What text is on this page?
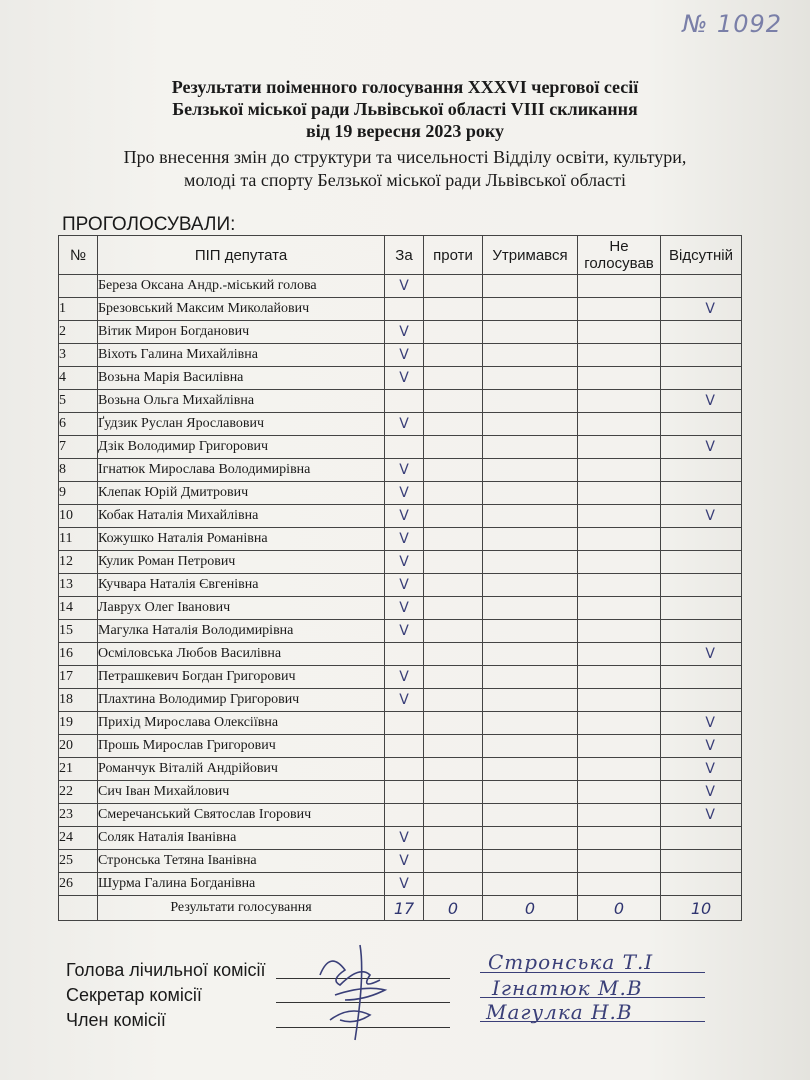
№ 1092
Результати поіменного голосування XXXVI чергової сесії
Белзької міської ради Львівської області VIII скликання
від 19 вересня 2023 року
Про внесення змін до структури та чисельності Відділу освіти, культури,
молоді та спорту Белзької міської ради Львівської області
ПРОГОЛОСУВАЛИ:
№	ПІП депутата	За	проти	Утримався	Не голосував	Відсутній
	Береза Оксана Андр.-міський голова	V				
1	Брезовський Максим Миколайович					V
2	Вітик Мирон Богданович	V				
3	Віхоть Галина Михайлівна	V				
4	Возьна Марія Василівна	V				
5	Возьна Ольга Михайлівна					V
6	Ґудзик Руслан Ярославович	V				
7	Дзік Володимир Григорович					V
8	Ігнатюк Мирослава Володимирівна	V				
9	Клепак Юрій Дмитрович	V				
10	Кобак Наталія Михайлівна	V				V
11	Кожушко Наталія Романівна	V				
12	Кулик Роман Петрович	V				
13	Кучвара Наталія Євгенівна	V				
14	Лаврух Олег Іванович	V				
15	Магулка Наталія Володимирівна	V				
16	Осміловська Любов Василівна					V
17	Петрашкевич Богдан Григорович	V				
18	Плахтина Володимир Григорович	V				
19	Прихід Мирослава Олексіївна					V
20	Прошь Мирослав Григорович					V
21	Романчук Віталій Андрійович					V
22	Сич Іван Михайлович					V
23	Смеречанський Святослав Ігорович					V
24	Соляк Наталія Іванівна	V				
25	Стронська Тетяна Іванівна	V				
26	Шурма Галина Богданівна	V				
	Результати голосування	17	0	0	0	10
Голова лічильної комісії
Секретар комісії
Член комісії
Стронська Т.І
Ігнатюк М.В
Магулка Н.В
